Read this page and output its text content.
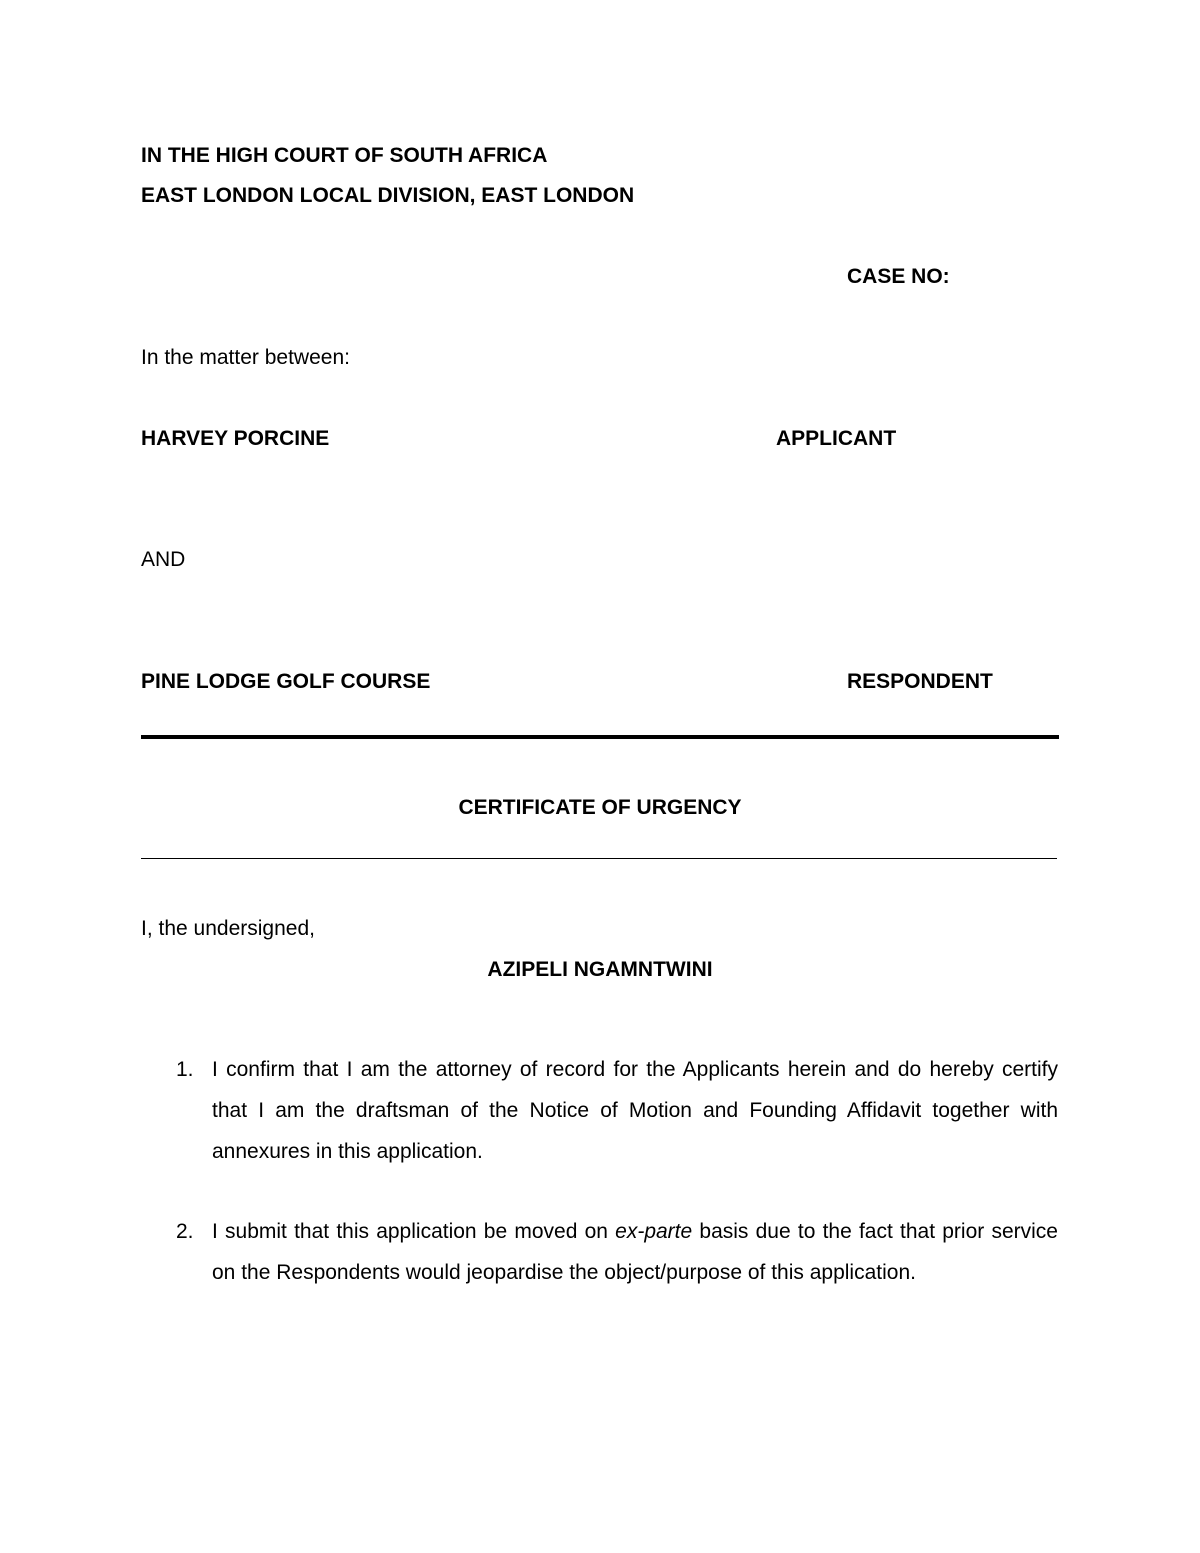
IN THE HIGH COURT OF SOUTH AFRICA
EAST LONDON LOCAL DIVISION, EAST LONDON
CASE NO:
In the matter between:
HARVEY PORCINE	APPLICANT
AND
PINE LODGE GOLF COURSE	RESPONDENT
CERTIFICATE OF URGENCY
I, the undersigned,
AZIPELI NGAMNTWINI
1. I confirm that I am the attorney of record for the Applicants herein and do hereby certify that I am the draftsman of the Notice of Motion and Founding Affidavit together with annexures in this application.
2. I submit that this application be moved on ex-parte basis due to the fact that prior service on the Respondents would jeopardise the object/purpose of this application.
